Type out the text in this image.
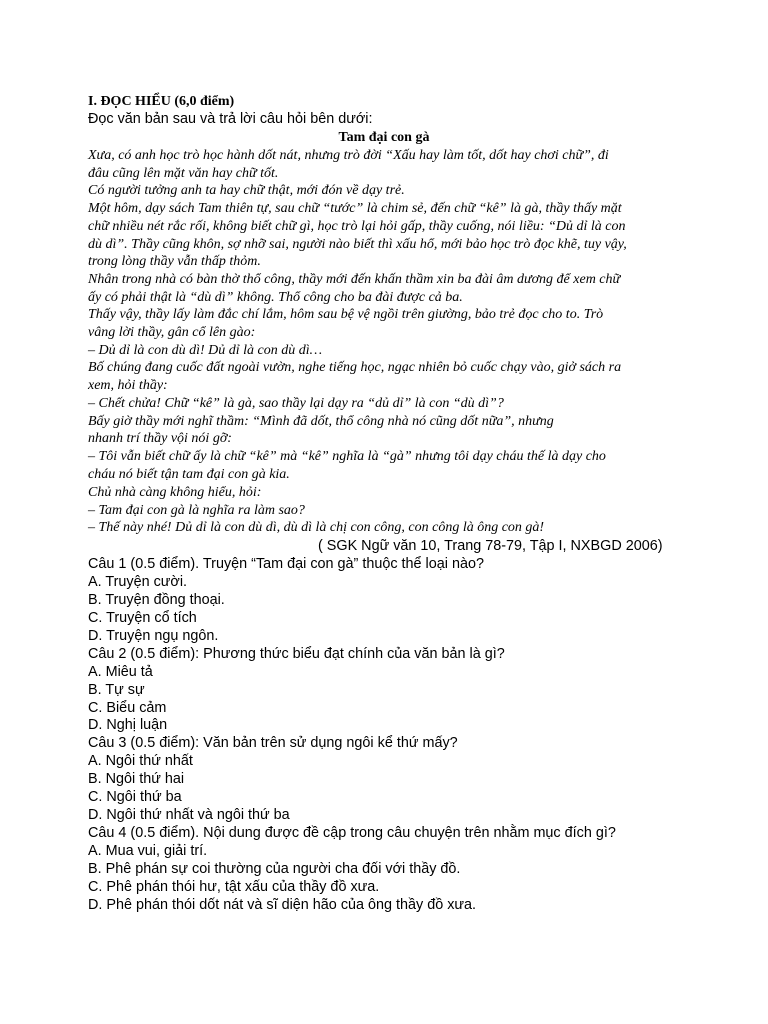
I. ĐỌC HIỂU (6,0 điểm)
Đọc văn bản sau và trả lời câu hỏi bên dưới:
Tam đại con gà
Xưa, có anh học trò học hành dốt nát, nhưng trò đời “Xấu hay làm tốt, dốt hay chơi chữ”, đi
đâu cũng lên mặt văn hay chữ tốt.
Có người tưởng anh ta hay chữ thật, mới đón về dạy trẻ.
Một hôm, dạy sách Tam thiên tự, sau chữ “tước” là chim sẻ, đến chữ “kê” là gà, thầy thấy mặt
chữ nhiều nét rắc rối, không biết chữ gì, học trò lại hỏi gấp, thầy cuống, nói liều: “Dủ dỉ là con
dù dì”. Thầy cũng khôn, sợ nhỡ sai, người nào biết thì xấu hổ, mới bảo học trò đọc khẽ, tuy vậy,
trong lòng thầy vẫn thấp thỏm.
Nhân trong nhà có bàn thờ thổ công, thầy mới đến khấn thầm xin ba đài âm dương để xem chữ
ấy có phải thật là “dù dì” không. Thổ công cho ba đài được cả ba.
Thấy vậy, thầy lấy làm đắc chí lắm, hôm sau bệ vệ ngồi trên giường, bảo trẻ đọc cho to. Trò
vâng lời thầy, gân cổ lên gào:
– Dủ dỉ là con dù dì! Dủ dỉ là con dù dì…
Bố chúng đang cuốc đất ngoài vườn, nghe tiếng học, ngạc nhiên bỏ cuốc chạy vào, giở sách ra
xem, hỏi thầy:
– Chết chửa! Chữ “kê” là gà, sao thầy lại dạy ra “dủ dỉ” là con “dù dì”?
Bấy giờ thầy mới nghĩ thầm: “Mình đã dốt, thổ công nhà nó cũng dốt nữa”, nhưng
nhanh trí thầy vội nói gỡ:
– Tôi vẫn biết chữ ấy là chữ “kê” mà “kê” nghĩa là “gà” nhưng tôi dạy cháu thế là dạy cho
cháu nó biết tận tam đại con gà kia.
Chủ nhà càng không hiểu, hỏi:
– Tam đại con gà là nghĩa ra làm sao?
– Thế này nhé! Dủ dỉ là con dù dì, dù dì là chị con công, con công là ông con gà!
( SGK Ngữ văn 10, Trang 78-79, Tập I, NXBGD 2006)
Câu 1 (0.5 điểm). Truyện “Tam đại con gà” thuộc thể loại nào?
A. Truyện cười.
B. Truyện đồng thoại.
C. Truyện cổ tích
D. Truyện ngụ ngôn.
Câu 2 (0.5 điểm): Phương thức biểu đạt chính của văn bản là gì?
A. Miêu tả
B. Tự sự
C. Biểu cảm
D. Nghị luận
Câu 3 (0.5 điểm): Văn bản trên sử dụng ngôi kể thứ mấy?
A. Ngôi thứ nhất
B. Ngôi thứ hai
C. Ngôi thứ ba
D. Ngôi thứ nhất và ngôi thứ ba
Câu 4 (0.5 điểm). Nội dung được đề cập trong câu chuyện trên nhằm mục đích gì?
A. Mua vui, giải trí.
B. Phê phán sự coi thường của người cha đối với thầy đồ.
C. Phê phán thói hư, tật xấu của thầy đồ xưa.
D. Phê phán thói dốt nát và sĩ diện hão của ông thầy đồ xưa.
